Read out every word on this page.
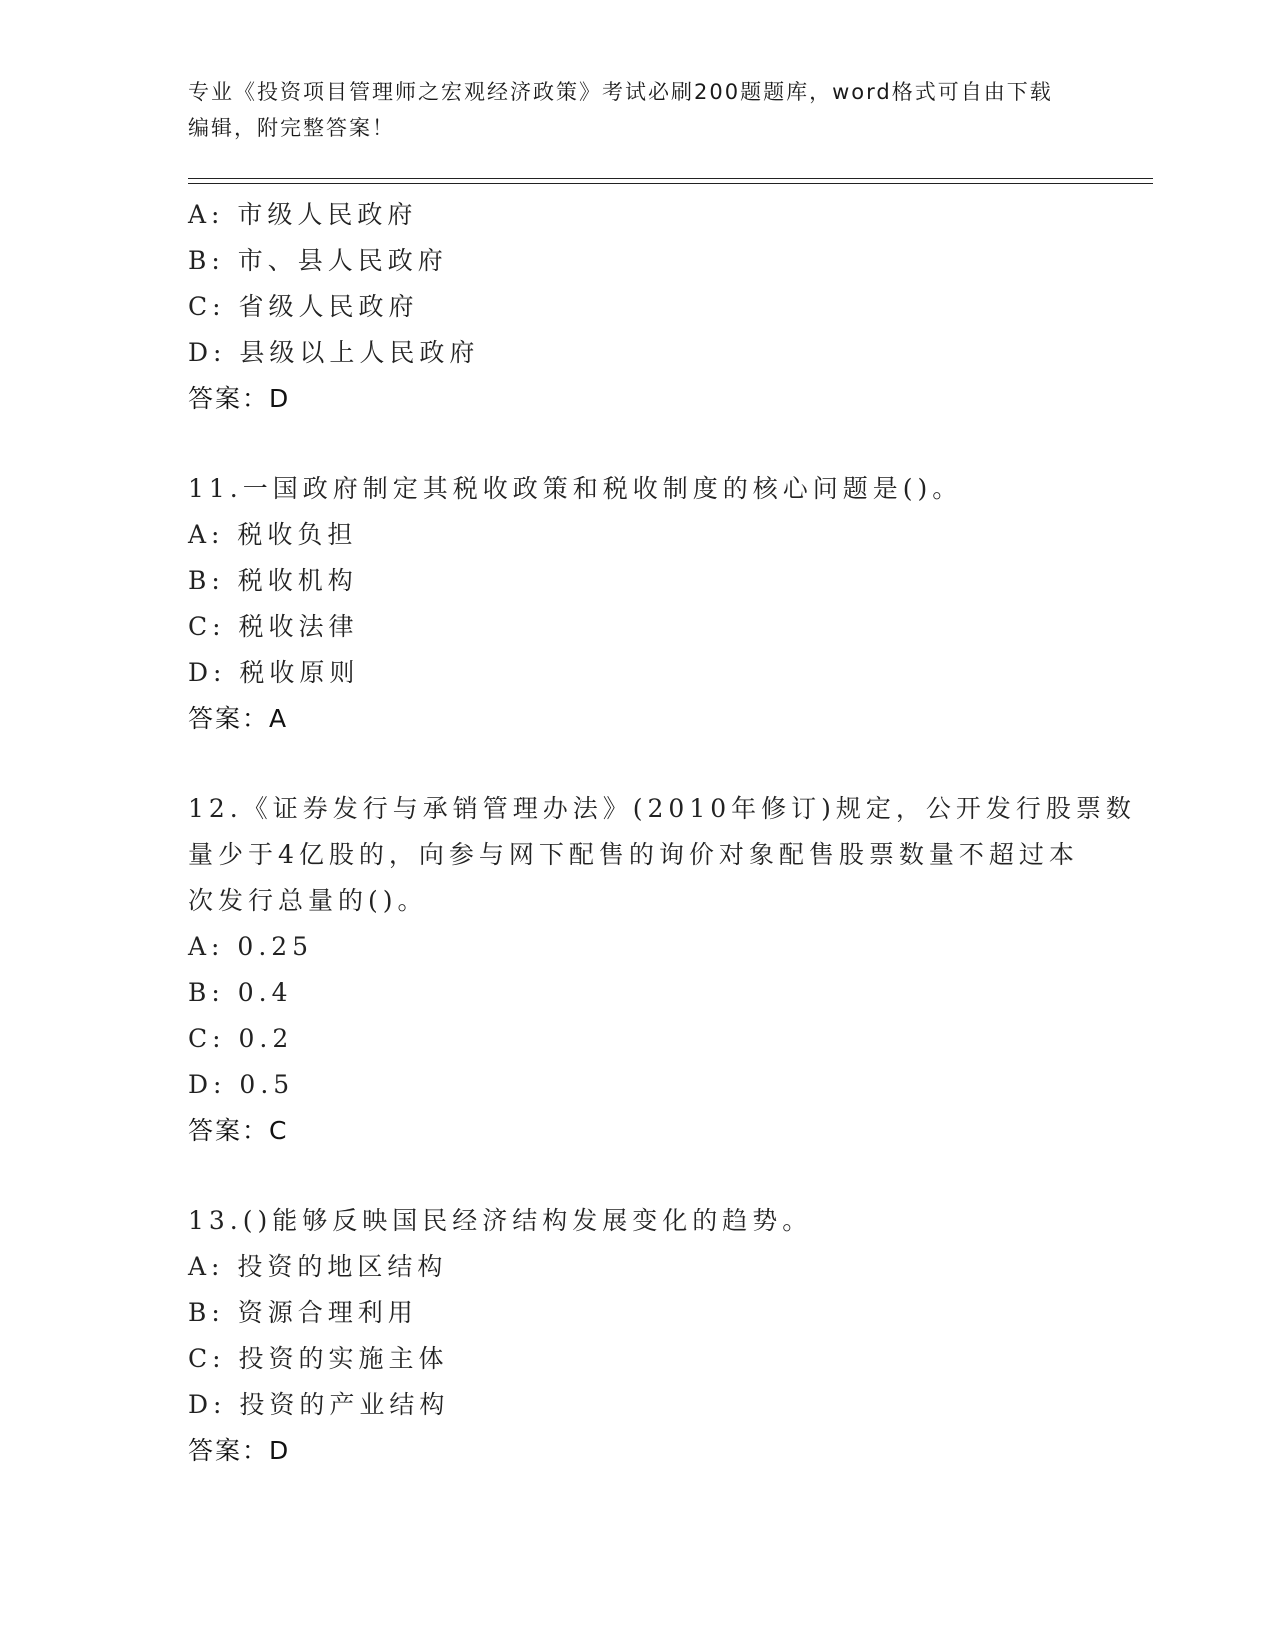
专业《投资项目管理师之宏观经济政策》考试必刷200题题库，word格式可自由下载编辑，附完整答案！
A: 市级人民政府
B: 市、县人民政府
C: 省级人民政府
D: 县级以上人民政府
答案：D
11.一国政府制定其税收政策和税收制度的核心问题是()。
A: 税收负担
B: 税收机构
C: 税收法律
D: 税收原则
答案：A
12.《证券发行与承销管理办法》(2010年修订)规定，公开发行股票数
量少于4亿股的，向参与网下配售的询价对象配售股票数量不超过本
次发行总量的()。
A: 0.25
B: 0.4
C: 0.2
D: 0.5
答案：C
13.()能够反映国民经济结构发展变化的趋势。
A: 投资的地区结构
B: 资源合理利用
C: 投资的实施主体
D: 投资的产业结构
答案：D
